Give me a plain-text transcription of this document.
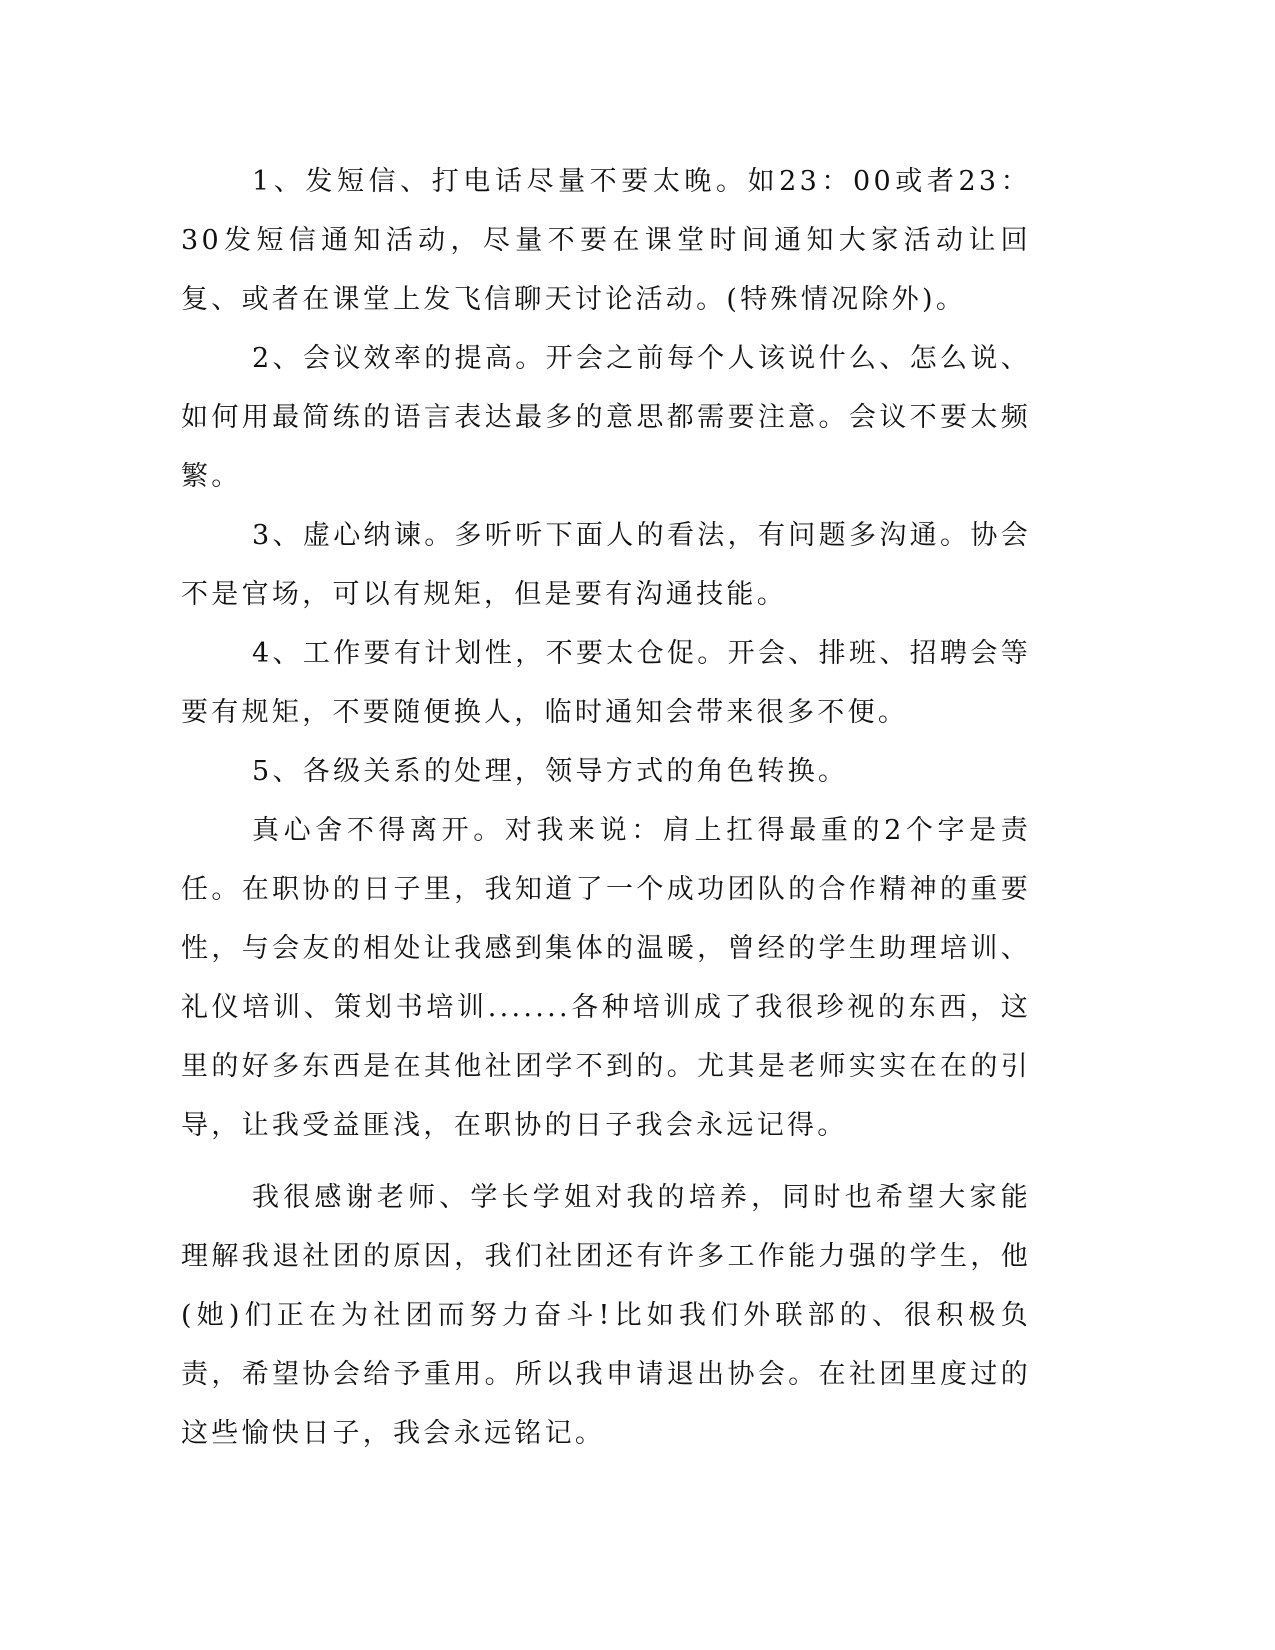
1、发短信、打电话尽量不要太晚。如23：00或者23：30发短信通知活动，尽量不要在课堂时间通知大家活动让回复、或者在课堂上发飞信聊天讨论活动。(特殊情况除外)。

2、会议效率的提高。开会之前每个人该说什么、怎么说、如何用最简练的语言表达最多的意思都需要注意。会议不要太频繁。

3、虚心纳谏。多听听下面人的看法，有问题多沟通。协会不是官场，可以有规矩，但是要有沟通技能。

4、工作要有计划性，不要太仓促。开会、排班、招聘会等要有规矩，不要随便换人，临时通知会带来很多不便。

5、各级关系的处理，领导方式的角色转换。

真心舍不得离开。对我来说：肩上扛得最重的2个字是责任。在职协的日子里，我知道了一个成功团队的合作精神的重要性，与会友的相处让我感到集体的温暖，曾经的学生助理培训、礼仪培训、策划书培训.......各种培训成了我很珍视的东西，这里的好多东西是在其他社团学不到的。尤其是老师实实在在的引导，让我受益匪浅，在职协的日子我会永远记得。

我很感谢老师、学长学姐对我的培养，同时也希望大家能理解我退社团的原因，我们社团还有许多工作能力强的学生，他(她)们正在为社团而努力奋斗!比如我们外联部的、很积极负责，希望协会给予重用。所以我申请退出协会。在社团里度过的这些愉快日子，我会永远铭记。
